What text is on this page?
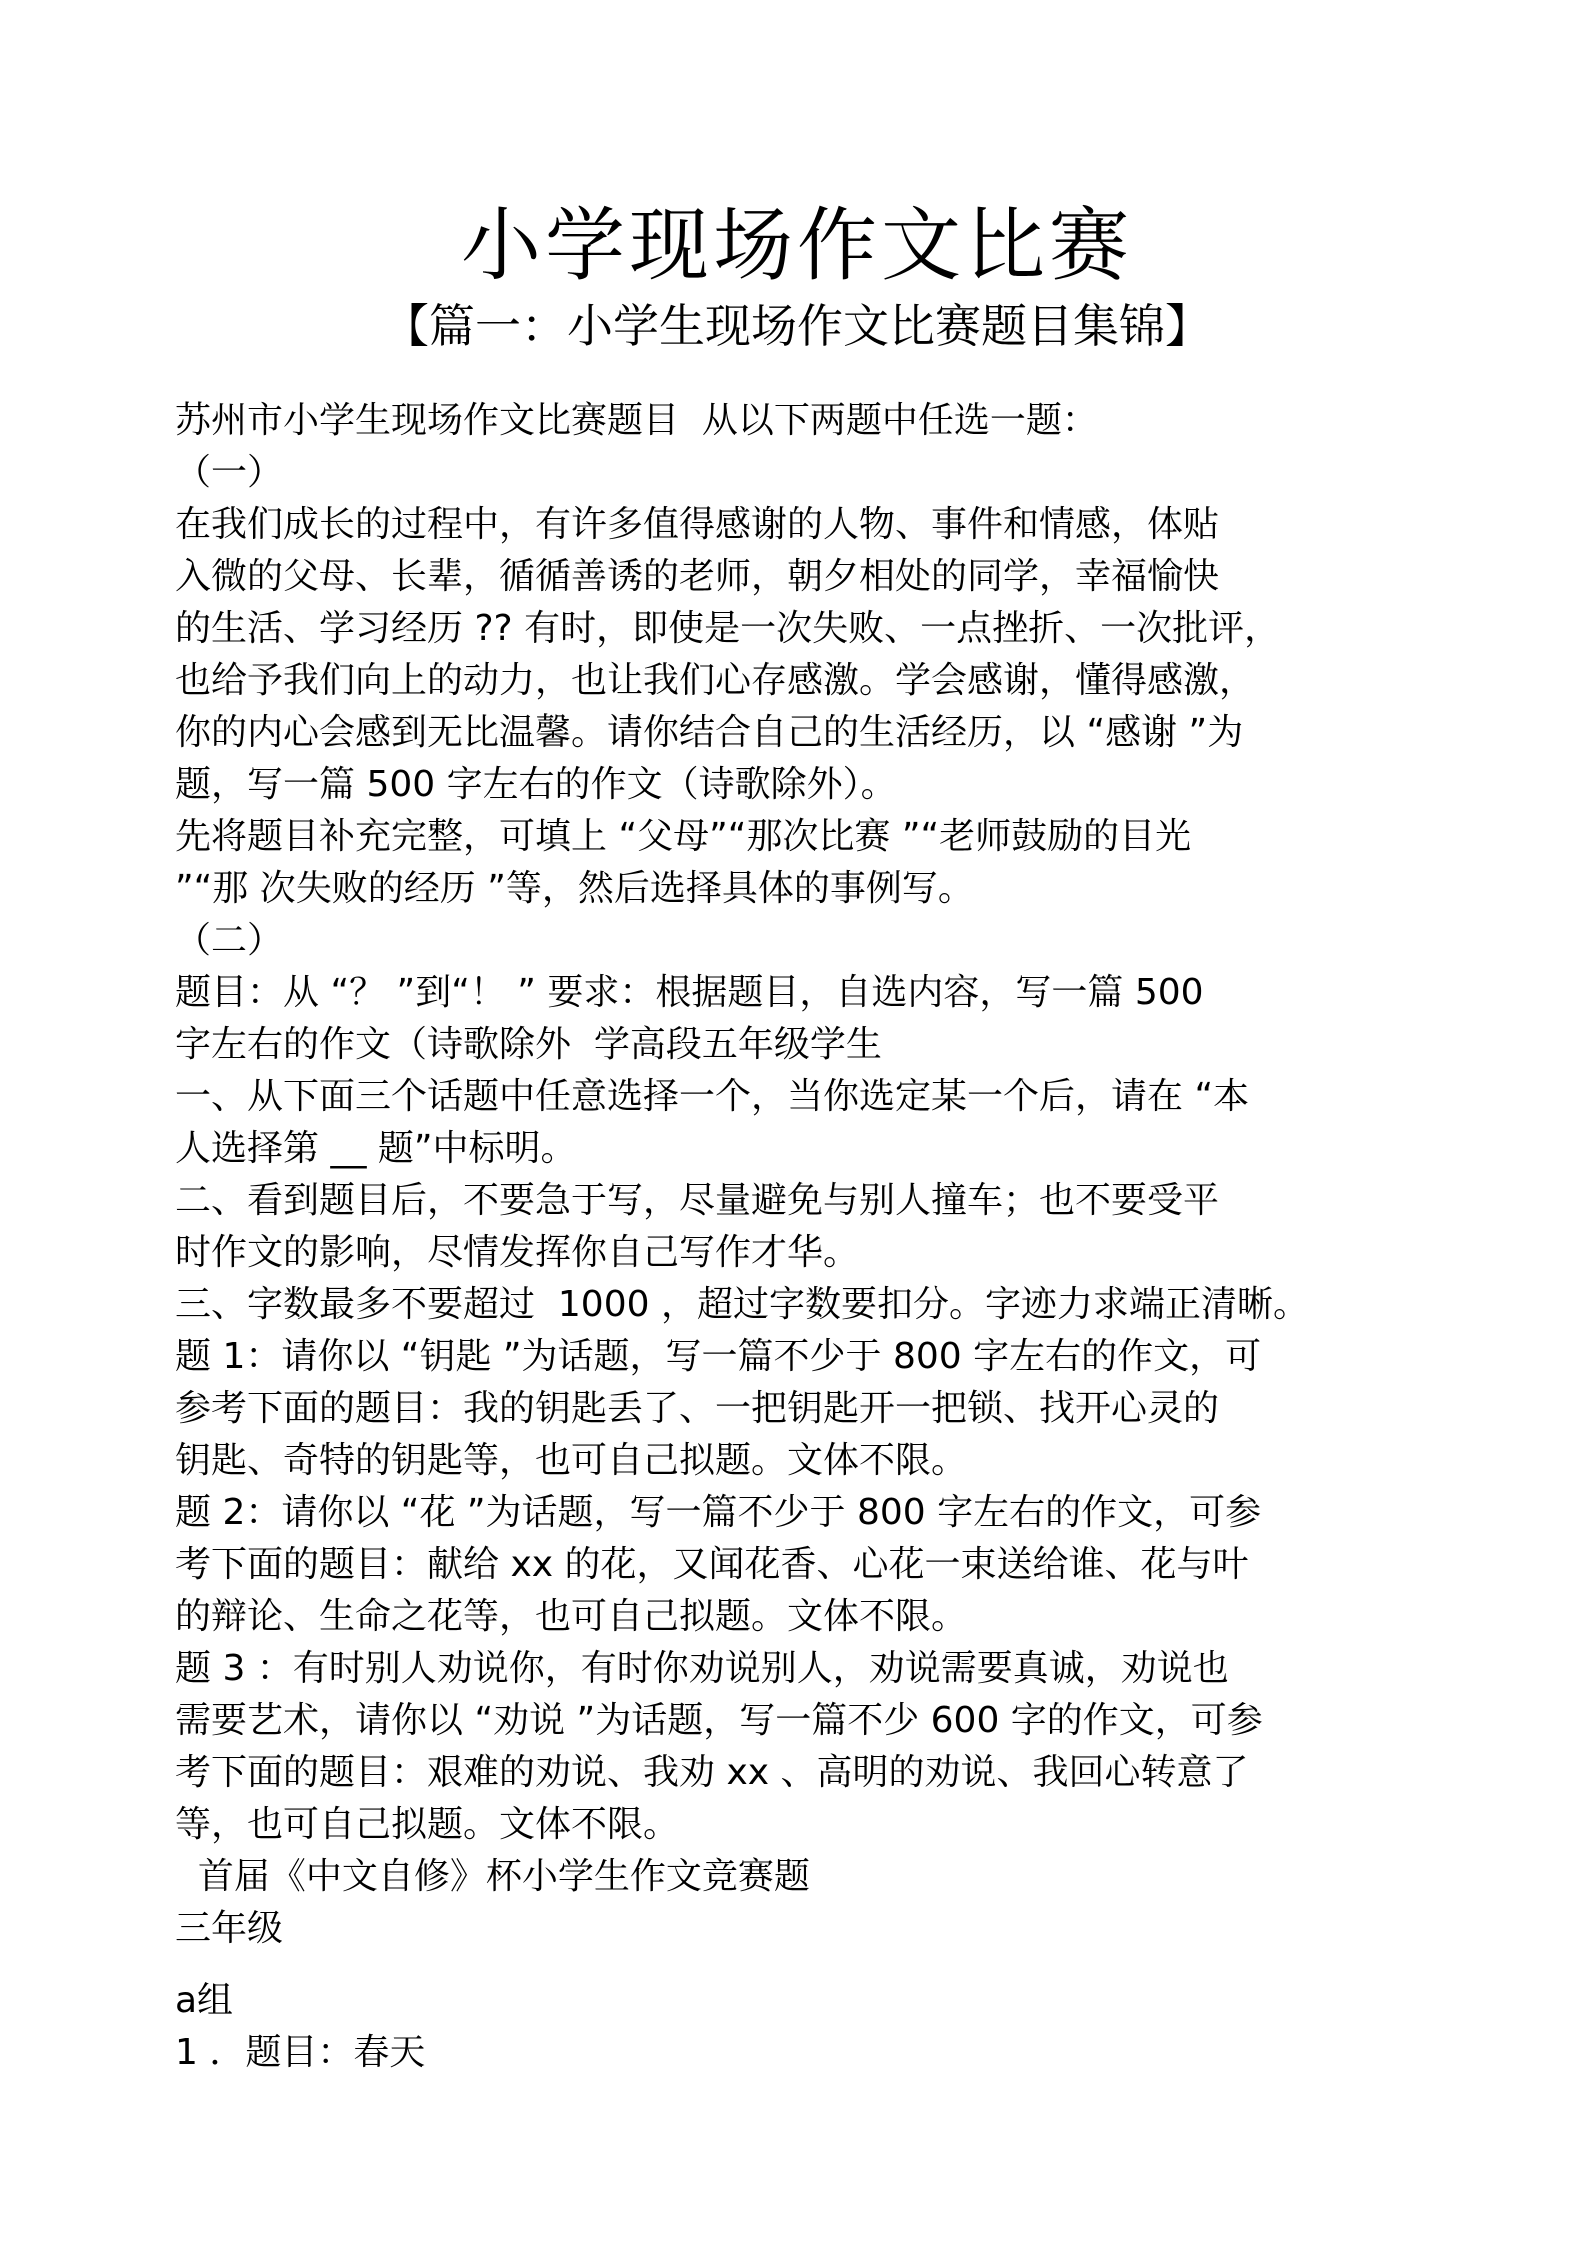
小学现场作文比赛
【篇一：小学生现场作文比赛题目集锦】

苏州市小学生现场作文比赛题目  从以下两题中任选一题：

（一）

在我们成长的过程中，有许多值得感谢的人物、事件和情感，体贴

入微的父母、长辈，循循善诱的老师，朝夕相处的同学，幸福愉快

的生活、学习经历 ?? 有时，即使是一次失败、一点挫折、一次批评，

也给予我们向上的动力，也让我们心存感激。学会感谢，懂得感激，

你的内心会感到无比温馨。请你结合自己的生活经历，以 “感谢 ”为

题，写一篇 500 字左右的作文（诗歌除外）。

先将题目补充完整，可填上 “父母”“那次比赛 ”“老师鼓励的目光

”“那 次失败的经历 ”等，然后选择具体的事例写。

（二）

题目：从 “？ ”到“！ ” 要求：根据题目，自选内容，写一篇 500

字左右的作文（诗歌除外  学高段五年级学生

一、从下面三个话题中任意选择一个，当你选定某一个后，请在 “本

人选择第 __ 题”中标明。

二、看到题目后，不要急于写，尽量避免与别人撞车；也不要受平

时作文的影响，尽情发挥你自己写作才华。

三、字数最多不要超过  1000 ，超过字数要扣分。字迹力求端正清晰。

题 1：请你以 “钥匙 ”为话题，写一篇不少于 800 字左右的作文，可

参考下面的题目：我的钥匙丢了、一把钥匙开一把锁、找开心灵的

钥匙、奇特的钥匙等，也可自己拟题。文体不限。

题 2：请你以 “花 ”为话题，写一篇不少于 800 字左右的作文，可参

考下面的题目：献给 xx 的花，又闻花香、心花一束送给谁、花与叶

的辩论、生命之花等，也可自己拟题。文体不限。

题 3 ：有时别人劝说你，有时你劝说别人，劝说需要真诚，劝说也

需要艺术，请你以 “劝说 ”为话题，写一篇不少 600 字的作文，可参

考下面的题目：艰难的劝说、我劝 xx 、高明的劝说、我回心转意了

等，也可自己拟题。文体不限。

首届《中文自修》杯小学生作文竞赛题

三年级

a组

1 ．题目：春天
